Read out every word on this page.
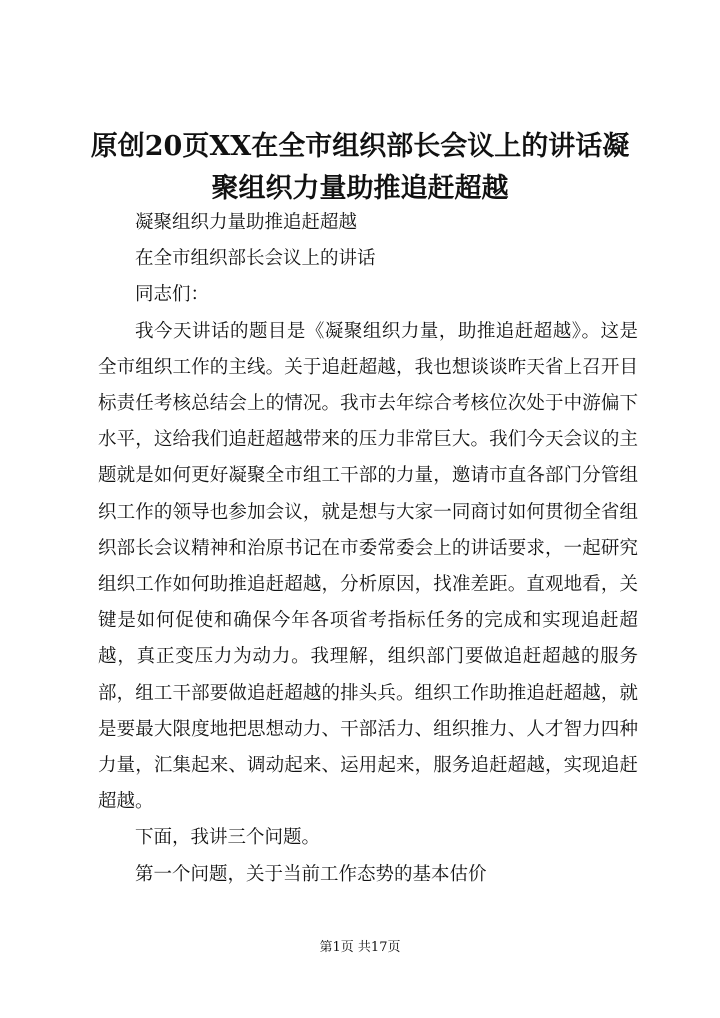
原创20页XX在全市组织部长会议上的讲话凝聚组织力量助推追赶超越

凝聚组织力量助推追赶超越

在全市组织部长会议上的讲话

同志们：

我今天讲话的题目是《凝聚组织力量，助推追赶超越》。这是全市组织工作的主线。关于追赶超越，我也想谈谈昨天省上召开目标责任考核总结会上的情况。我市去年综合考核位次处于中游偏下水平，这给我们追赶超越带来的压力非常巨大。我们今天会议的主题就是如何更好凝聚全市组工干部的力量，邀请市直各部门分管组织工作的领导也参加会议，就是想与大家一同商讨如何贯彻全省组织部长会议精神和治原书记在市委常委会上的讲话要求，一起研究组织工作如何助推追赶超越，分析原因，找准差距。直观地看，关键是如何促使和确保今年各项省考指标任务的完成和实现追赶超越，真正变压力为动力。我理解，组织部门要做追赶超越的服务部，组工干部要做追赶超越的排头兵。组织工作助推追赶超越，就是要最大限度地把思想动力、干部活力、组织推力、人才智力四种力量，汇集起来、调动起来、运用起来，服务追赶超越，实现追赶超越。

下面，我讲三个问题。

第一个问题，关于当前工作态势的基本估价

第1页 共17页
